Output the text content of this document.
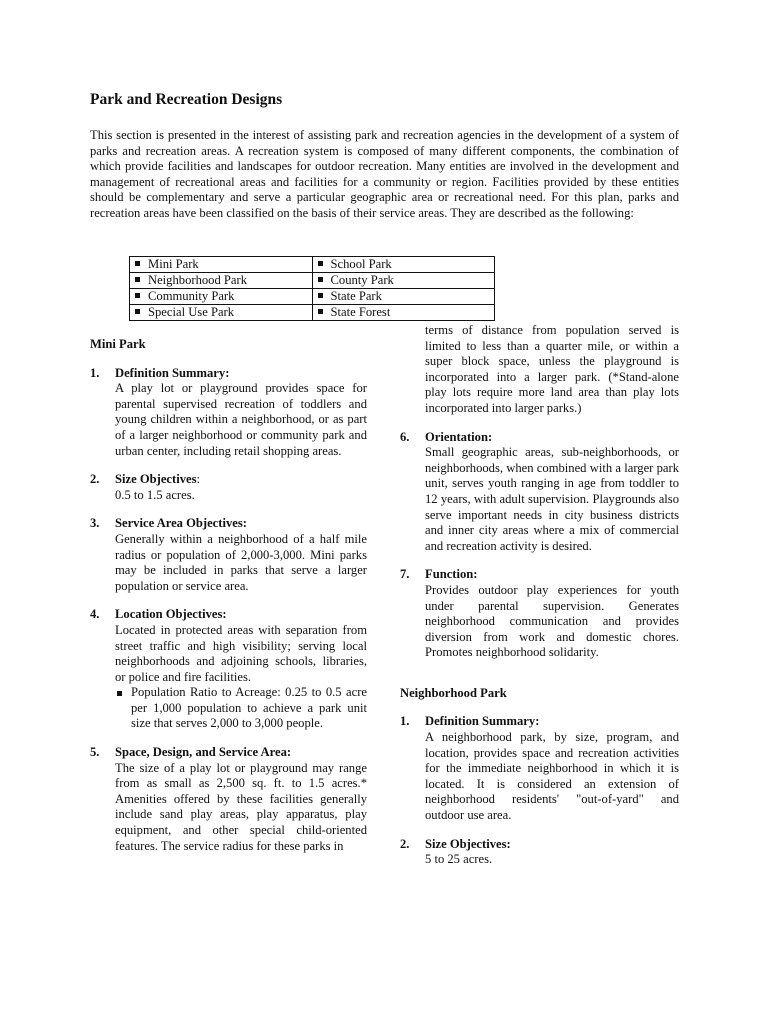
Park and Recreation Designs

This section is presented in the interest of assisting park and recreation agencies in the development of a system of parks and recreation areas. A recreation system is composed of many different components, the combination of which provide facilities and landscapes for outdoor recreation. Many entities are involved in the development and management of recreational areas and facilities for a community or region. Facilities provided by these entities should be complementary and serve a particular geographic area or recreational need. For this plan, parks and recreation areas have been classified on the basis of their service areas. They are described as the following:

Mini Park	School Park
Neighborhood Park	County Park
Community Park	State Park
Special Use Park	State Forest
Mini Park
1. Definition Summary:
A play lot or playground provides space for parental supervised recreation of toddlers and young children within a neighborhood, or as part of a larger neighborhood or community park and urban center, including retail shopping areas.
2. Size Objectives:
0.5 to 1.5 acres.
3. Service Area Objectives:
Generally within a neighborhood of a half mile radius or population of 2,000-3,000. Mini parks may be included in parks that serve a larger population or service area.
4. Location Objectives:
Located in protected areas with separation from street traffic and high visibility; serving local neighborhoods and adjoining schools, libraries, or police and fire facilities.
Population Ratio to Acreage: 0.25 to 0.5 acre per 1,000 population to achieve a park unit size that serves 2,000 to 3,000 people.
5. Space, Design, and Service Area:
The size of a play lot or playground may range from as small as 2,500 sq. ft. to 1.5 acres.* Amenities offered by these facilities generally include sand play areas, play apparatus, play equipment, and other special child-oriented features. The service radius for these parks in
terms of distance from population served is limited to less than a quarter mile, or within a super block space, unless the playground is incorporated into a larger park. (*Stand-alone play lots require more land area than play lots incorporated into larger parks.)
6. Orientation:
Small geographic areas, sub-neighborhoods, or neighborhoods, when combined with a larger park unit, serves youth ranging in age from toddler to 12 years, with adult supervision. Playgrounds also serve important needs in city business districts and inner city areas where a mix of commercial and recreation activity is desired.
7. Function:
Provides outdoor play experiences for youth under parental supervision. Generates neighborhood communication and provides diversion from work and domestic chores. Promotes neighborhood solidarity.
Neighborhood Park
1. Definition Summary:
A neighborhood park, by size, program, and location, provides space and recreation activities for the immediate neighborhood in which it is located. It is considered an extension of neighborhood residents' "out-of-yard" and outdoor use area.
2. Size Objectives:
5 to 25 acres.
